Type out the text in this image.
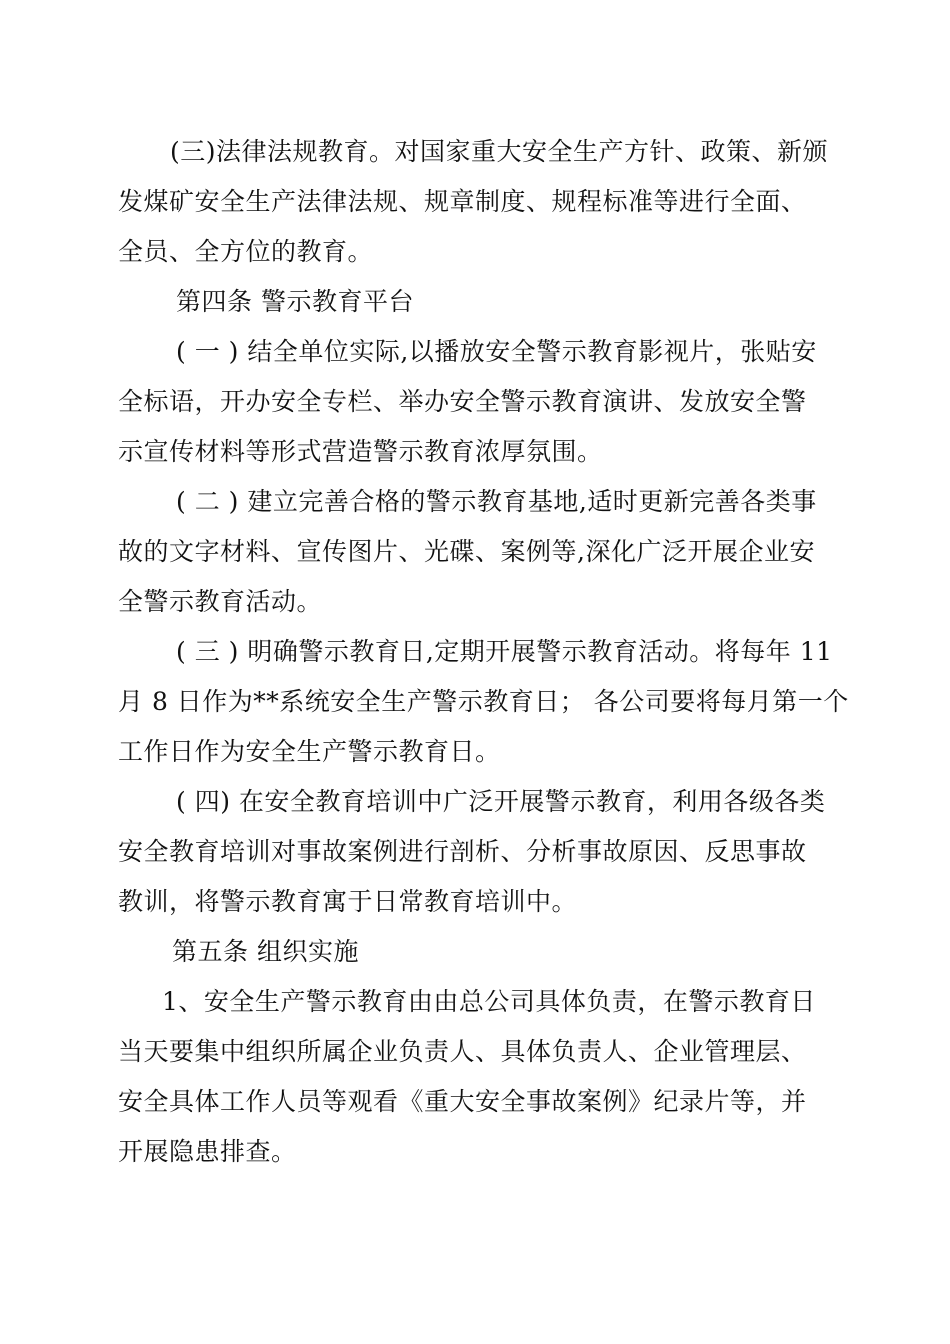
(三)法律法规教育。对国家重大安全生产方针、政策、新颁
发煤矿安全生产法律法规、规章制度、规程标准等进行全面、
全员、全方位的教育。
第四条 警示教育平台
( 一 ) 结全单位实际,以播放安全警示教育影视片，张贴安
全标语，开办安全专栏、举办安全警示教育演讲、发放安全警
示宣传材料等形式营造警示教育浓厚氛围。
( 二 ) 建立完善合格的警示教育基地,适时更新完善各类事
故的文字材料、宣传图片、光碟、案例等,深化广泛开展企业安
全警示教育活动。
( 三 ) 明确警示教育日,定期开展警示教育活动。将每年 11
月 8 日作为**系统安全生产警示教育日； 各公司要将每月第一个
工作日作为安全生产警示教育日。
( 四) 在安全教育培训中广泛开展警示教育，利用各级各类
安全教育培训对事故案例进行剖析、分析事故原因、反思事故
教训，将警示教育寓于日常教育培训中。
第五条 组织实施
1、安全生产警示教育由由总公司具体负责，在警示教育日
当天要集中组织所属企业负责人、具体负责人、企业管理层、
安全具体工作人员等观看《重大安全事故案例》纪录片等，并
开展隐患排查。
